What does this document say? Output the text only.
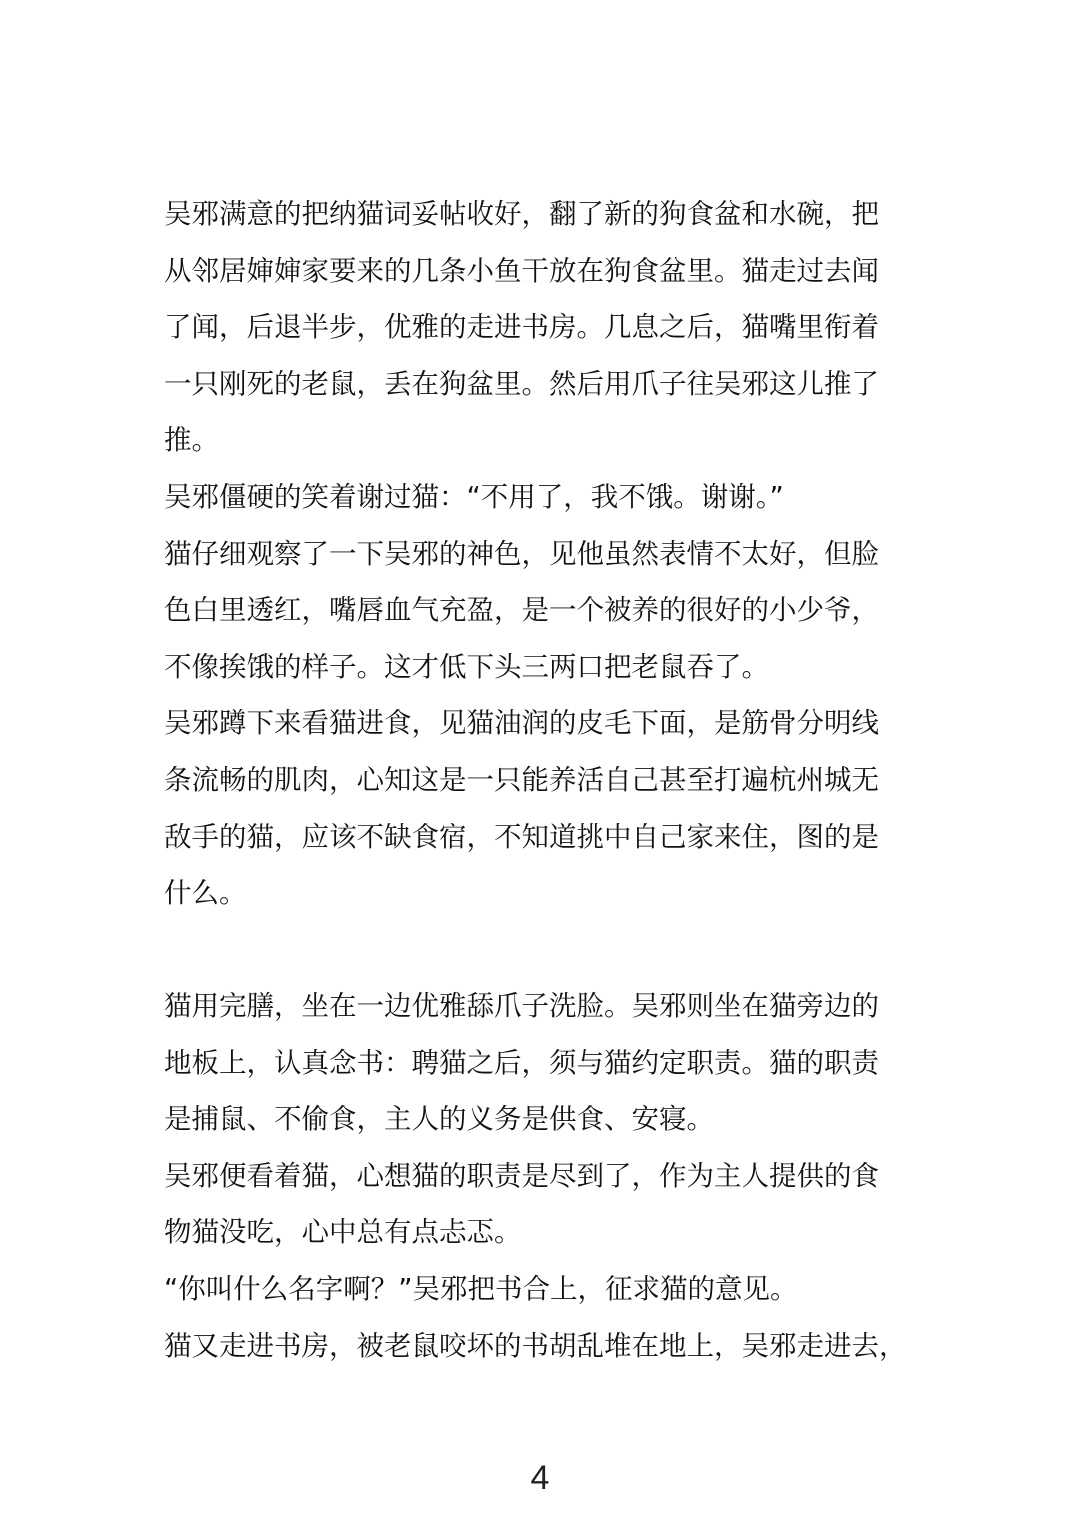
吴邪满意的把纳猫词妥帖收好，翻了新的狗食盆和水碗，把
从邻居婶婶家要来的几条小鱼干放在狗食盆里。猫走过去闻
了闻，后退半步，优雅的走进书房。几息之后，猫嘴里衔着
一只刚死的老鼠，丢在狗盆里。然后用爪子往吴邪这儿推了
推。
吴邪僵硬的笑着谢过猫：“不用了，我不饿。谢谢。”
猫仔细观察了一下吴邪的神色，见他虽然表情不太好，但脸
色白里透红，嘴唇血气充盈，是一个被养的很好的小少爷，
不像挨饿的样子。这才低下头三两口把老鼠吞了。
吴邪蹲下来看猫进食，见猫油润的皮毛下面，是筋骨分明线
条流畅的肌肉，心知这是一只能养活自己甚至打遍杭州城无
敌手的猫，应该不缺食宿，不知道挑中自己家来住，图的是
什么。
猫用完膳，坐在一边优雅舔爪子洗脸。吴邪则坐在猫旁边的
地板上，认真念书：聘猫之后，须与猫约定职责。猫的职责
是捕鼠、不偷食，主人的义务是供食、安寝。
吴邪便看着猫，心想猫的职责是尽到了，作为主人提供的食
物猫没吃，心中总有点忐忑。
“你叫什么名字啊？”吴邪把书合上，征求猫的意见。
猫又走进书房，被老鼠咬坏的书胡乱堆在地上，吴邪走进去，
4
